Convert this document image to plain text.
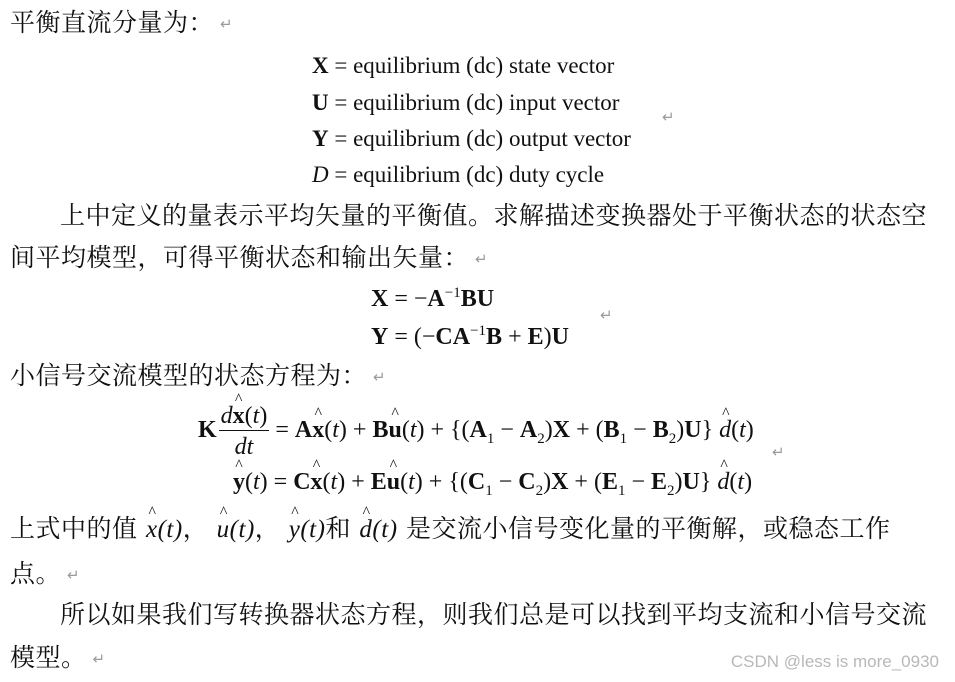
平衡直流分量为： ↵
X = equilibrium (dc) state vector
U = equilibrium (dc) input vector
Y = equilibrium (dc) output vector
↵
D = equilibrium (dc) duty cycle
上中定义的量表示平均矢量的平衡值。求解描述变换器处于平衡状态的状态空
间平均模型，可得平衡状态和输出矢量： ↵
$X = -A^{-1}BU$
$Y = (-CA^{-1}B + E)U$
↵
小信号交流模型的状态方程为： ↵
K $\frac{d\^{} x(t)}{dt}$ = A^ x(t) + B^ $u(t) + \{(A_1 - A_2)X + (B_1 - B_2)U\}$ ^ d(t)
↵
^ y(t) = C^ x(t) + E^ $u(t) + \{(C_1 - C_2)X + (E_1 - E_2)U\}$ ^ d(t)
上式中的值 ^ x(t)， ^ u(t)， ^ y(t)和 ^ d(t) 是交流小信号变化量的平衡解，或稳态工作
点。 ↵
所以如果我们写转换器状态方程，则我们总是可以找到平均支流和小信号交流
模型。 ↵	CSDN @less is more_0930
